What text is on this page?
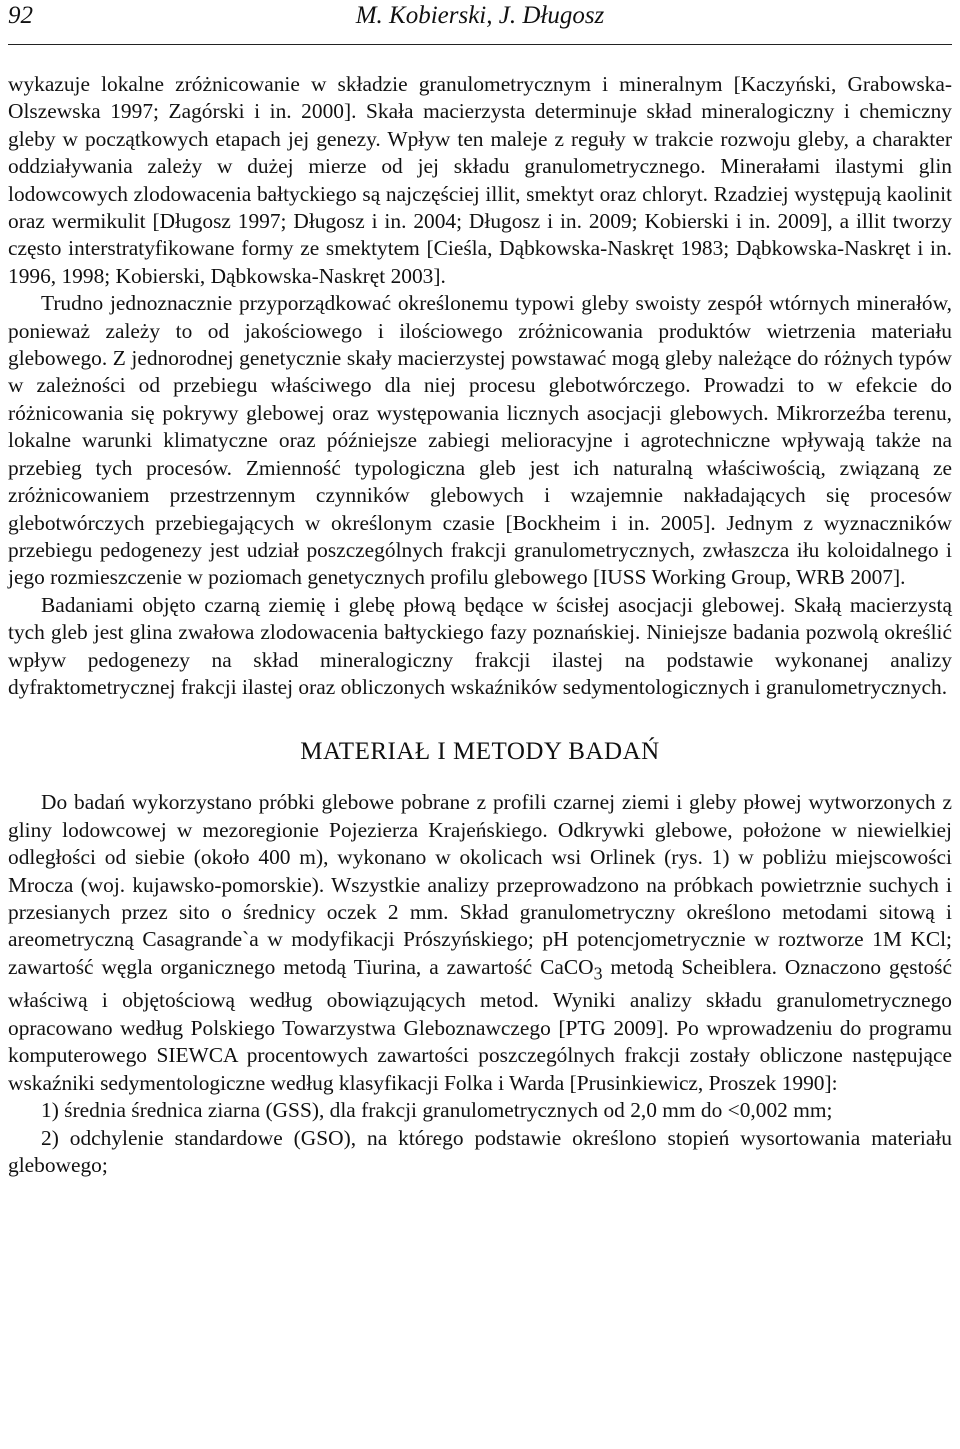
92	M. Kobierski, J. Długosz

wykazuje lokalne zróżnicowanie w składzie granulometrycznym i mineralnym [Kaczyński, Grabowska-Olszewska 1997; Zagórski i in. 2000]. Skała macierzysta determinuje skład mineralogiczny i chemiczny gleby w początkowych etapach jej genezy. Wpływ ten maleje z reguły w trakcie rozwoju gleby, a charakter oddziaływania zależy w dużej mierze od jej składu granulometrycznego. Minerałami ilastymi glin lodowcowych zlodowacenia bałtyckiego są najczęściej illit, smektyt oraz chloryt. Rzadziej występują kaolinit oraz wermikulit [Długosz 1997; Długosz i in. 2004; Długosz i in. 2009; Kobierski i in. 2009], a illit tworzy często interstratyfikowane formy ze smektytem [Cieśla, Dąbkowska-Naskręt 1983; Dąbkowska-Naskręt i in. 1996, 1998; Kobierski, Dąbkowska-Naskręt 2003].

Trudno jednoznacznie przyporządkować określonemu typowi gleby swoisty zespół wtórnych minerałów, ponieważ zależy to od jakościowego i ilościowego zróżnicowania produktów wietrzenia materiału glebowego. Z jednorodnej genetycznie skały macierzystej powstawać mogą gleby należące do różnych typów w zależności od przebiegu właściwego dla niej procesu glebotwórczego. Prowadzi to w efekcie do różnicowania się pokrywy glebowej oraz występowania licznych asocjacji glebowych. Mikrorzeźba terenu, lokalne warunki klimatyczne oraz późniejsze zabiegi melioracyjne i agrotechniczne wpływają także na przebieg tych procesów. Zmienność typologiczna gleb jest ich naturalną właściwością, związaną ze zróżnicowaniem przestrzennym czynników glebowych i wzajemnie nakładających się procesów glebotwórczych przebiegających w określonym czasie [Bockheim i in. 2005]. Jednym z wyznaczników przebiegu pedogenezy jest udział poszczególnych frakcji granulometrycznych, zwłaszcza iłu koloidalnego i jego rozmieszczenie w poziomach genetycznych profilu glebowego [IUSS Working Group, WRB 2007].

Badaniami objęto czarną ziemię i glebę płową będące w ścisłej asocjacji glebowej. Skałą macierzystą tych gleb jest glina zwałowa zlodowacenia bałtyckiego fazy poznańskiej. Niniejsze badania pozwolą określić wpływ pedogenezy na skład mineralogiczny frakcji ilastej na podstawie wykonanej analizy dyfraktometrycznej frakcji ilastej oraz obliczonych wskaźników sedymentologicznych i granulometrycznych.

MATERIAŁ I METODY BADAŃ

Do badań wykorzystano próbki glebowe pobrane z profili czarnej ziemi i gleby płowej wytworzonych z gliny lodowcowej w mezoregionie Pojezierza Krajeńskiego. Odkrywki glebowe, położone w niewielkiej odległości od siebie (około 400 m), wykonano w okolicach wsi Orlinek (rys. 1) w pobliżu miejscowości Mrocza (woj. kujawsko-pomorskie). Wszystkie analizy przeprowadzono na próbkach powietrznie suchych i przesianych przez sito o średnicy oczek 2 mm. Skład granulometryczny określono metodami sitową i areometryczną Casagrande`a w modyfikacji Prószyńskiego; pH potencjometrycznie w roztworze 1M KCl; zawartość węgla organicznego metodą Tiurina, a zawartość CaCO$_3$ metodą Scheiblera. Oznaczono gęstość właściwą i objętościową według obowiązujących metod. Wyniki analizy składu granulometrycznego opracowano według Polskiego Towarzystwa Gleboznawczego [PTG 2009]. Po wprowadzeniu do programu komputerowego SIEWCA procentowych zawartości poszczególnych frakcji zostały obliczone następujące wskaźniki sedymentologiczne według klasyfikacji Folka i Warda [Prusinkiewicz, Proszek 1990]:

1) średnia średnica ziarna (GSS), dla frakcji granulometrycznych od 2,0 mm do <0,002 mm;

2) odchylenie standardowe (GSO), na którego podstawie określono stopień wysortowania materiału glebowego;
